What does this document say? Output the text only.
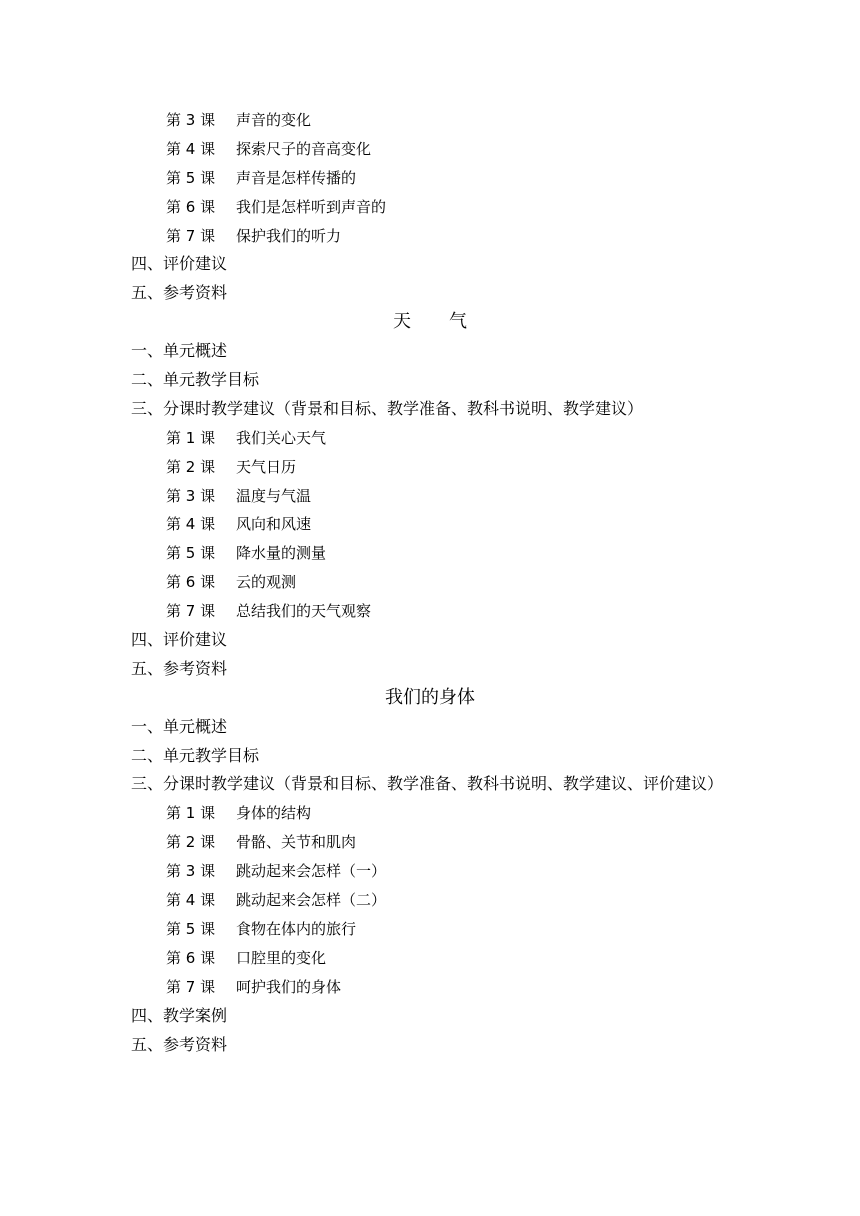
第 3 课 声音的变化
第 4 课 探索尺子的音高变化
第 5 课 声音是怎样传播的
第 6 课 我们是怎样听到声音的
第 7 课 保护我们的听力
四、评价建议
五、参考资料
天 气
一、单元概述
二、单元教学目标
三、分课时教学建议（背景和目标、教学准备、教科书说明、教学建议）
第 1 课 我们关心天气
第 2 课 天气日历
第 3 课 温度与气温
第 4 课 风向和风速
第 5 课 降水量的测量
第 6 课 云的观测
第 7 课 总结我们的天气观察
四、评价建议
五、参考资料
我们的身体
一、单元概述
二、单元教学目标
三、分课时教学建议（背景和目标、教学准备、教科书说明、教学建议、评价建议）
第 1 课 身体的结构
第 2 课 骨骼、关节和肌肉
第 3 课 跳动起来会怎样（一）
第 4 课 跳动起来会怎样（二）
第 5 课 食物在体内的旅行
第 6 课 口腔里的变化
第 7 课 呵护我们的身体
四、教学案例
五、参考资料
